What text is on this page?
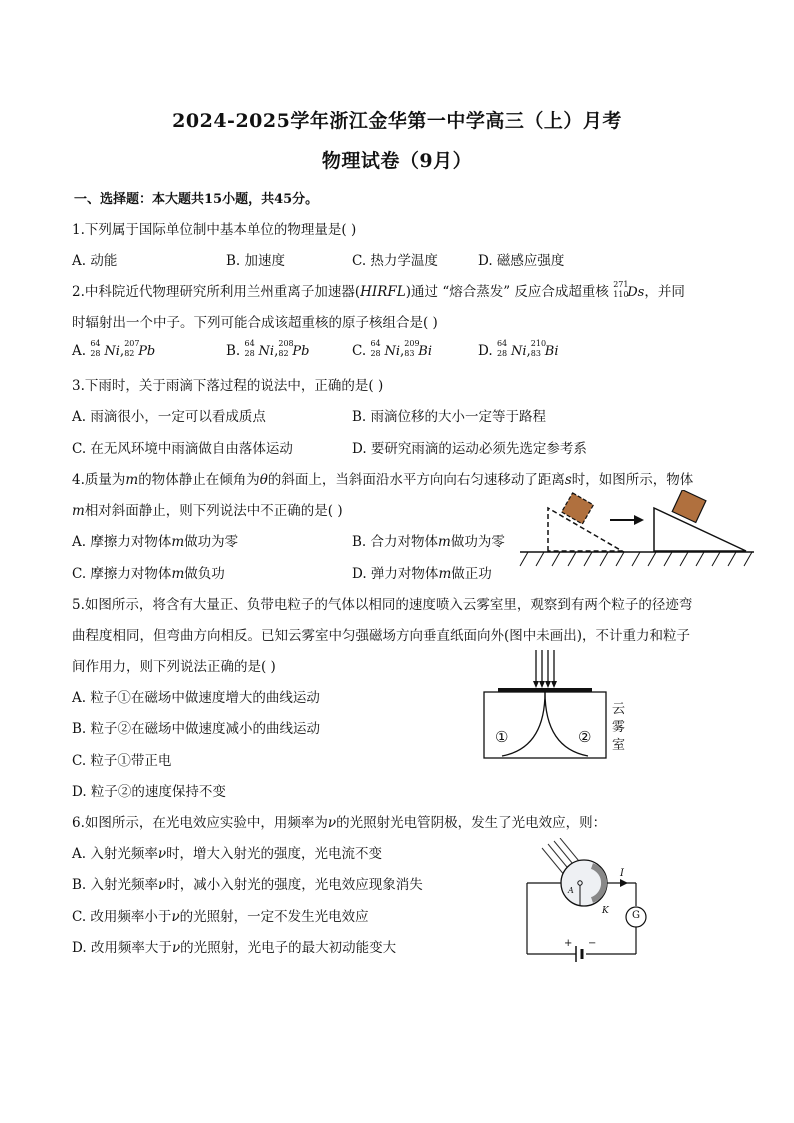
2024-2025学年浙江金华第一中学高三（上）月考
物理试卷（9月）
一、选择题：本大题共15小题，共45分。
1.下列属于国际单位制中基本单位的物理量是( )
A. 动能	B. 加速度	C. 热力学温度	D. 磁感应强度
2.中科院近代物理研究所利用兰州重离子加速器(HIRFL)通过 “熔合蒸发” 反应合成超重核 271
110
Ds，并同
时辐射出一个中子。下列可能合成该超重核的原子核组合是( )
A. 64
28 Ni, 207
82 Pb	B. 64
28 Ni, 208
82 Pb	C. 64
28 Ni, 209
83 Bi	D. 64
28 Ni, 210
83 Bi
3.下雨时，关于雨滴下落过程的说法中，正确的是( )
A. 雨滴很小，一定可以看成质点	B. 雨滴位移的大小一定等于路程
C. 在无风环境中雨滴做自由落体运动	D. 要研究雨滴的运动必须先选定参考系
4.质量为m的物体静止在倾角为θ的斜面上，当斜面沿水平方向向右匀速移动了距离s时，如图所示，物体
m相对斜面静止，则下列说法中不正确的是( )
A. 摩擦力对物体m做功为零	B. 合力对物体m做功为零
C. 摩擦力对物体m做负功	D. 弹力对物体m做正功
5.如图所示，将含有大量正、负带电粒子的气体以相同的速度喷入云雾室里，观察到有两个粒子的径迹弯
曲程度相同，但弯曲方向相反。已知云雾室中匀强磁场方向垂直纸面向外(图中未画出)，不计重力和粒子
间作用力，则下列说法正确的是( )
A. 粒子①在磁场中做速度增大的曲线运动
B. 粒子②在磁场中做速度减小的曲线运动
C. 粒子①带正电
D. 粒子②的速度保持不变
①	②
云
雾
室
6.如图所示，在光电效应实验中，用频率为ν的光照射光电管阴极，发生了光电效应，则：
A. 入射光频率ν时，增大入射光的强度，光电流不变
B. 入射光频率ν时，减小入射光的强度，光电效应现象消失
C. 改用频率小于ν的光照射，一定不发生光电效应
D. 改用频率大于ν的光照射，光电子的最大初动能变大
I
A
K G
+ −
